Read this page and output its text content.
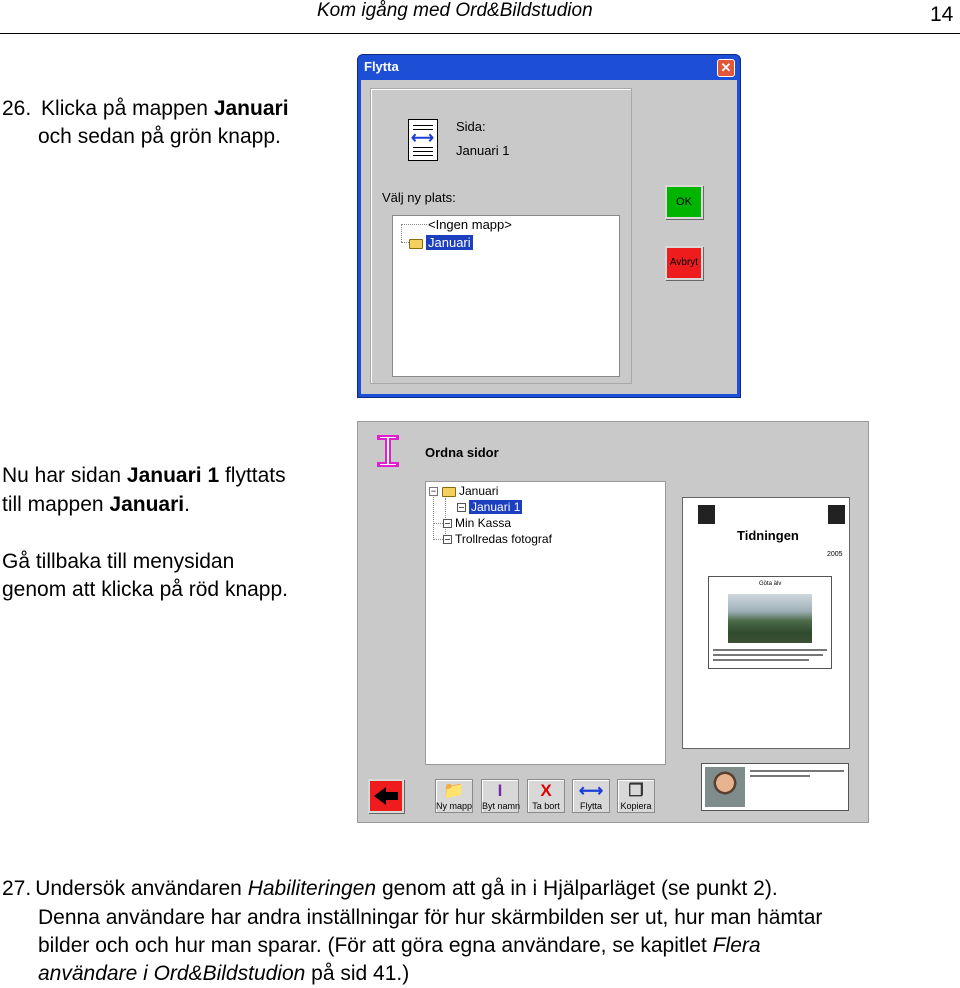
Kom igång med Ord&Bildstudion	14
26. Klicka på mappen Januari
och sedan på grön knapp.
Nu har sidan Januari 1 flyttats
till mappen Januari.
Gå tillbaka till menysidan
genom att klicka på röd knapp.
Flytta	✕
⟷
Sida:
Januari 1
Välj ny plats:
<Ingen mapp>
Januari
OK
Avbryt
Ordna sidor
−	Januari
Januari 1
Min Kassa
Trollredas fotograf	Tidningen
2005
Göta älv
📁
Ny mapp
I
Byt namn
X
Ta bort
⟷
Flytta
❐
Kopiera
27. Undersök användaren Habiliteringen genom att gå in i Hjälparläget (se punkt 2).
Denna användare har andra inställningar för hur skärmbilden ser ut, hur man hämtar
bilder och och hur man sparar. (För att göra egna användare, se kapitlet Flera
användare i Ord&Bildstudion på sid 41.)
